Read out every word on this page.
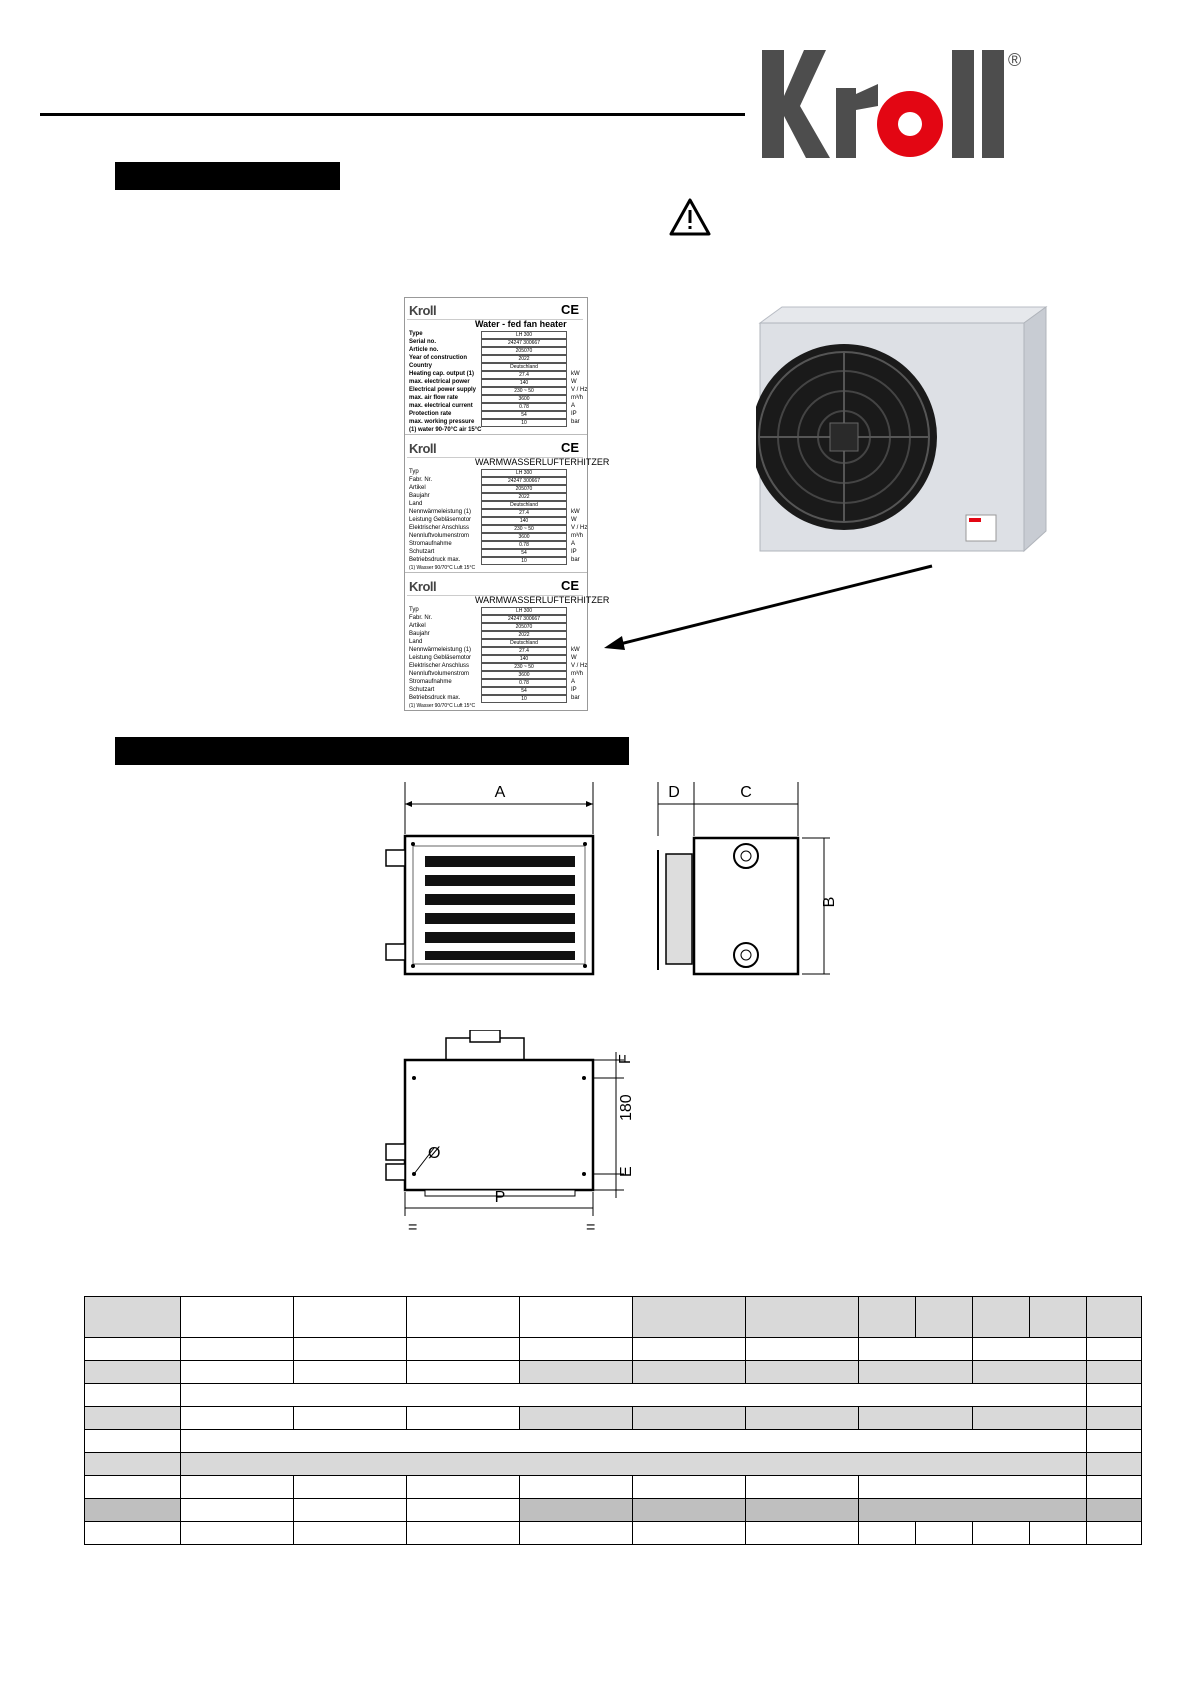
®
Kroll	CE
Water - fed fan heater
Type	LH 300
Serial no.	24247 300667
Article no.	205070
Year of construction	2022
Country	Deutschland
Heating cap. output (1)	27.4	kW
max. electrical power	140	W
Electrical power supply	230 ~ 50	V / Hz
max. air flow rate	3600	m³/h
max. electrical current	0.78	A
Protection rate	54	IP
max. working pressure	10	bar
(1) water 90-70°C air 15°C
Kroll	CE
WARMWASSERLUFTERHITZER
Typ	LH 300
Fabr. Nr.	24247 300667
Artikel	205070
Baujahr	2022
Land	Deutschland
Nennwärmeleistung (1)	27.4	kW
Leistung Gebläsemotor	140	W
Elektrischer Anschluss	230 ~ 50	V / Hz
Nennluftvolumenstrom	3600	m³/h
Stromaufnahme	0.78	A
Schutzart	54	IP
Betriebsdruck max.	10	bar
(1) Wasser 90/70°C Luft 15°C
Kroll	CE
WARMWASSERLUFTERHITZER
Typ	LH 300
Fabr. Nr.	24247 300667
Artikel	205070
Baujahr	2022
Land	Deutschland
Nennwärmeleistung (1)	27.4	kW
Leistung Gebläsemotor	140	W
Elektrischer Anschluss	230 ~ 50	V / Hz
Nennluftvolumenstrom	3600	m³/h
Stromaufnahme	0.78	A
Schutzart	54	IP
Betriebsdruck max.	10	bar
(1) Wasser 90/70°C Luft 15°C
A	D	C
B
Ø
F
180
E
P
=	=
